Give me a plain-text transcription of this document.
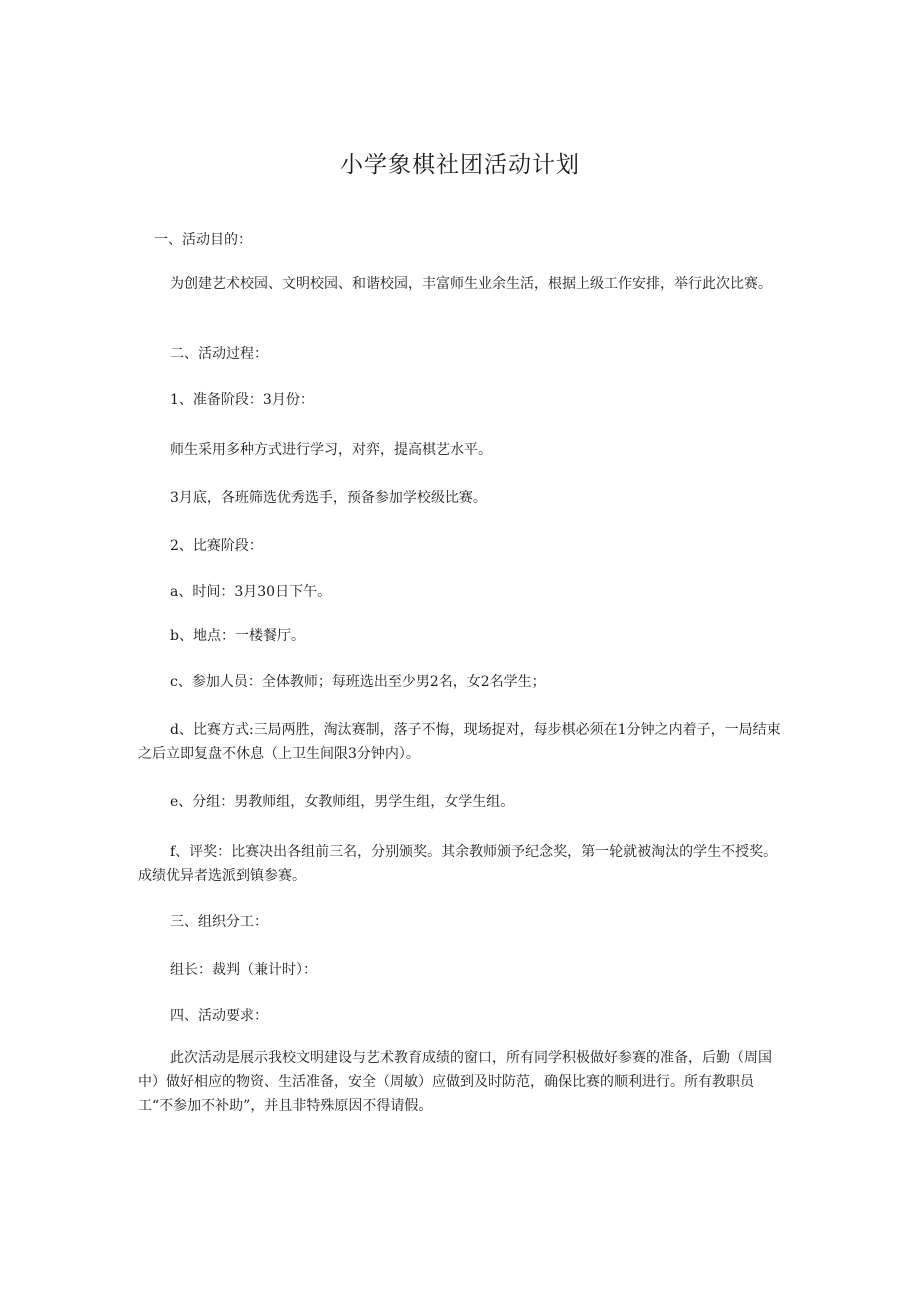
小学象棋社团活动计划

一、活动目的：

为创建艺术校园、文明校园、和谐校园，丰富师生业余生活，根据上级工作安排，举行此次比赛。

二、活动过程：

1、准备阶段：3月份：

师生采用多种方式进行学习，对弈，提高棋艺水平。

3月底，各班筛选优秀选手，预备参加学校级比赛。

2、比赛阶段：

a、时间：3月30日下午。

b、地点：一楼餐厅。

c、参加人员：全体教师；每班选出至少男2名，女2名学生；

d、比赛方式:三局两胜，淘汰赛制，落子不悔，现场捉对，每步棋必须在1分钟之内着子，一局结束之后立即复盘不休息（上卫生间限3分钟内）。

e、分组：男教师组，女教师组，男学生组，女学生组。

f、评奖：比赛决出各组前三名，分别颁奖。其余教师颁予纪念奖，第一轮就被淘汰的学生不授奖。成绩优异者选派到镇参赛。

三、组织分工：

组长：裁判（兼计时）：

四、活动要求：

此次活动是展示我校文明建设与艺术教育成绩的窗口，所有同学积极做好参赛的准备，后勤（周国中）做好相应的物资、生活准备，安全（周敏）应做到及时防范，确保比赛的顺利进行。所有教职员工“不参加不补助”，并且非特殊原因不得请假。
